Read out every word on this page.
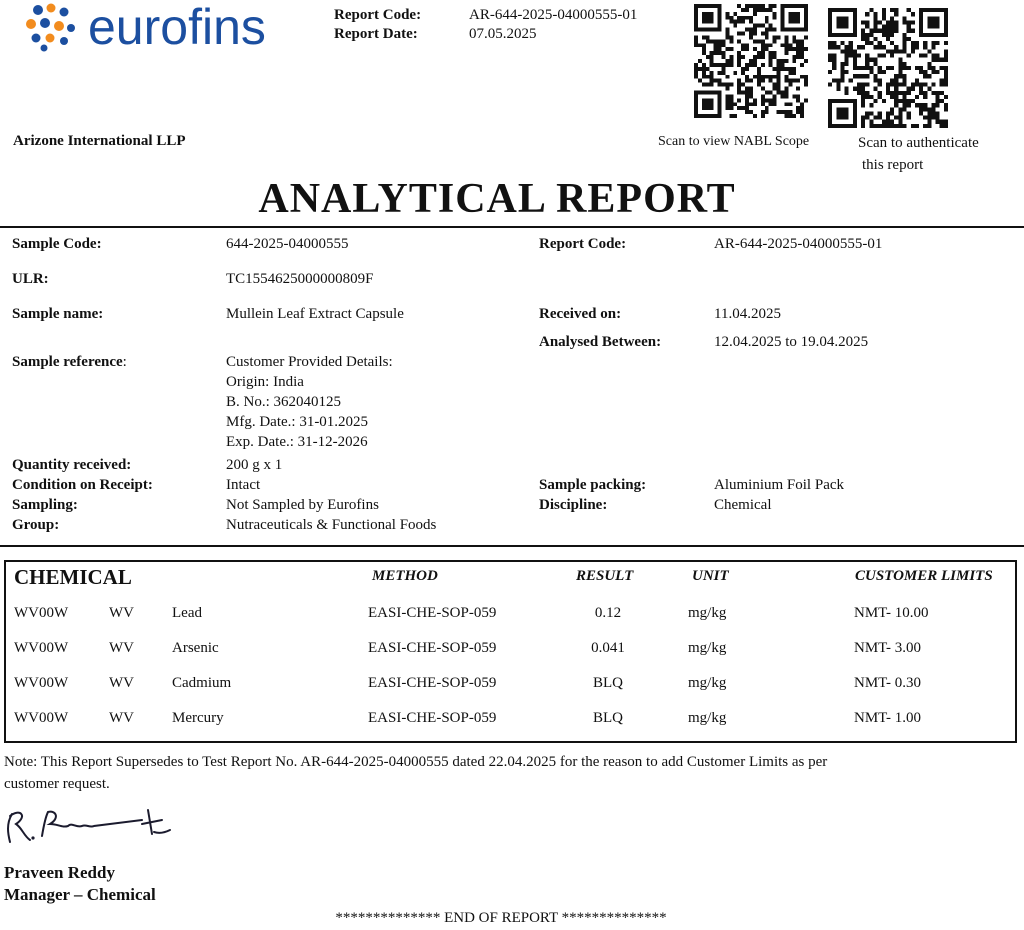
eurofins	Report Code:	AR-644-2025-04000555-01
Report Date:	07.05.2025
Scan to view NABL Scope	Scan to authenticate
this report
Arizone International LLP
ANALYTICAL REPORT
Sample Code:	644-2025-04000555	Report Code:	AR-644-2025-04000555-01
ULR:	TC1554625000000809F
Sample name:	Mullein Leaf Extract Capsule	Received on:	11.04.2025
Analysed Between:	12.04.2025 to 19.04.2025
Sample reference:	Customer Provided Details:
Origin: India
B. No.: 362040125
Mfg. Date.: 31-01.2025
Exp. Date.: 31-12-2026
Quantity received:	200 g x 1
Condition on Receipt:	Intact	Sample packing:	Aluminium Foil Pack
Sampling:	Not Sampled by Eurofins	Discipline:	Chemical
Group:	Nutraceuticals & Functional Foods
CHEMICAL	METHOD	RESULT	UNIT	CUSTOMER LIMITS
WV00W	WV	Lead	EASI-CHE-SOP-059	0.12	mg/kg	NMT- 10.00
WV00W	WV	Arsenic	EASI-CHE-SOP-059	0.041	mg/kg	NMT- 3.00
WV00W	WV	Cadmium	EASI-CHE-SOP-059	BLQ	mg/kg	NMT- 0.30
WV00W	WV	Mercury	EASI-CHE-SOP-059	BLQ	mg/kg	NMT- 1.00
Note: This Report Supersedes to Test Report No. AR-644-2025-04000555 dated 22.04.2025 for the reason to add Customer Limits as per
customer request.
Praveen Reddy
Manager – Chemical
************** END OF REPORT **************
